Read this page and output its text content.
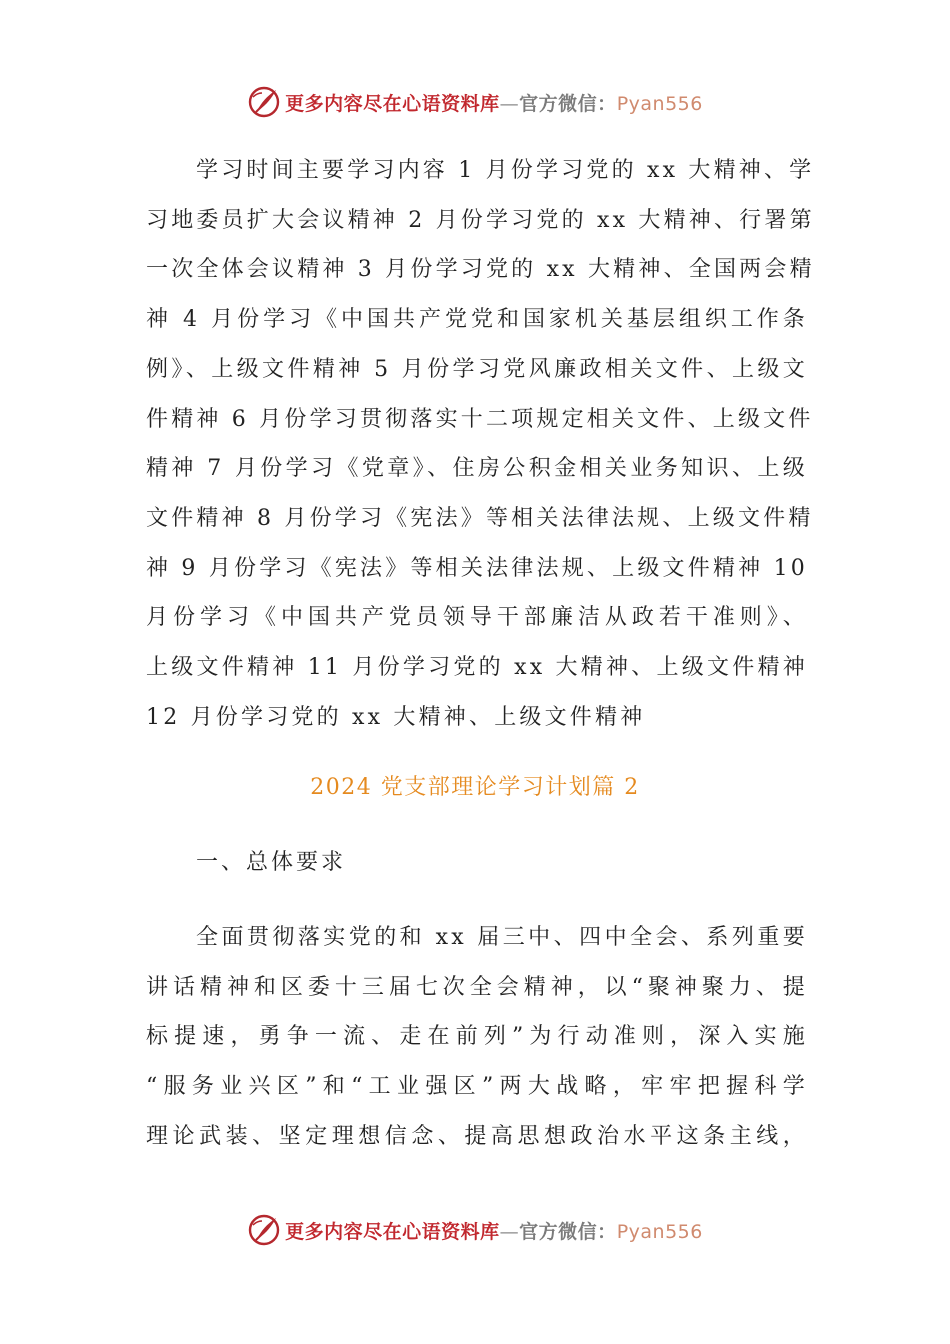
更多内容尽在心语资料库—官方微信：Pyan556
学习时间主要学习内容 1 月份学习党的 xx 大精神、学
习地委员扩大会议精神 2 月份学习党的 xx 大精神、行署第
一次全体会议精神 3 月份学习党的 xx 大精神、全国两会精
神 4 月份学习《中国共产党党和国家机关基层组织工作条
例》、上级文件精神 5 月份学习党风廉政相关文件、上级文
件精神 6 月份学习贯彻落实十二项规定相关文件、上级文件
精神 7 月份学习《党章》、住房公积金相关业务知识、上级
文件精神 8 月份学习《宪法》等相关法律法规、上级文件精
神 9 月份学习《宪法》等相关法律法规、上级文件精神 10
月份学习《中国共产党员领导干部廉洁从政若干准则》、
上级文件精神 11 月份学习党的 xx 大精神、上级文件精神
12 月份学习党的 xx 大精神、上级文件精神
2024 党支部理论学习计划篇 2
一、总体要求
全面贯彻落实党的和 xx 届三中、四中全会、系列重要
讲话精神和区委十三届七次全会精神，以“聚神聚力、提
标提速，勇争一流、走在前列”为行动准则，深入实施
“服务业兴区”和“工业强区”两大战略，牢牢把握科学
理论武装、坚定理想信念、提高思想政治水平这条主线，
更多内容尽在心语资料库—官方微信：Pyan556
